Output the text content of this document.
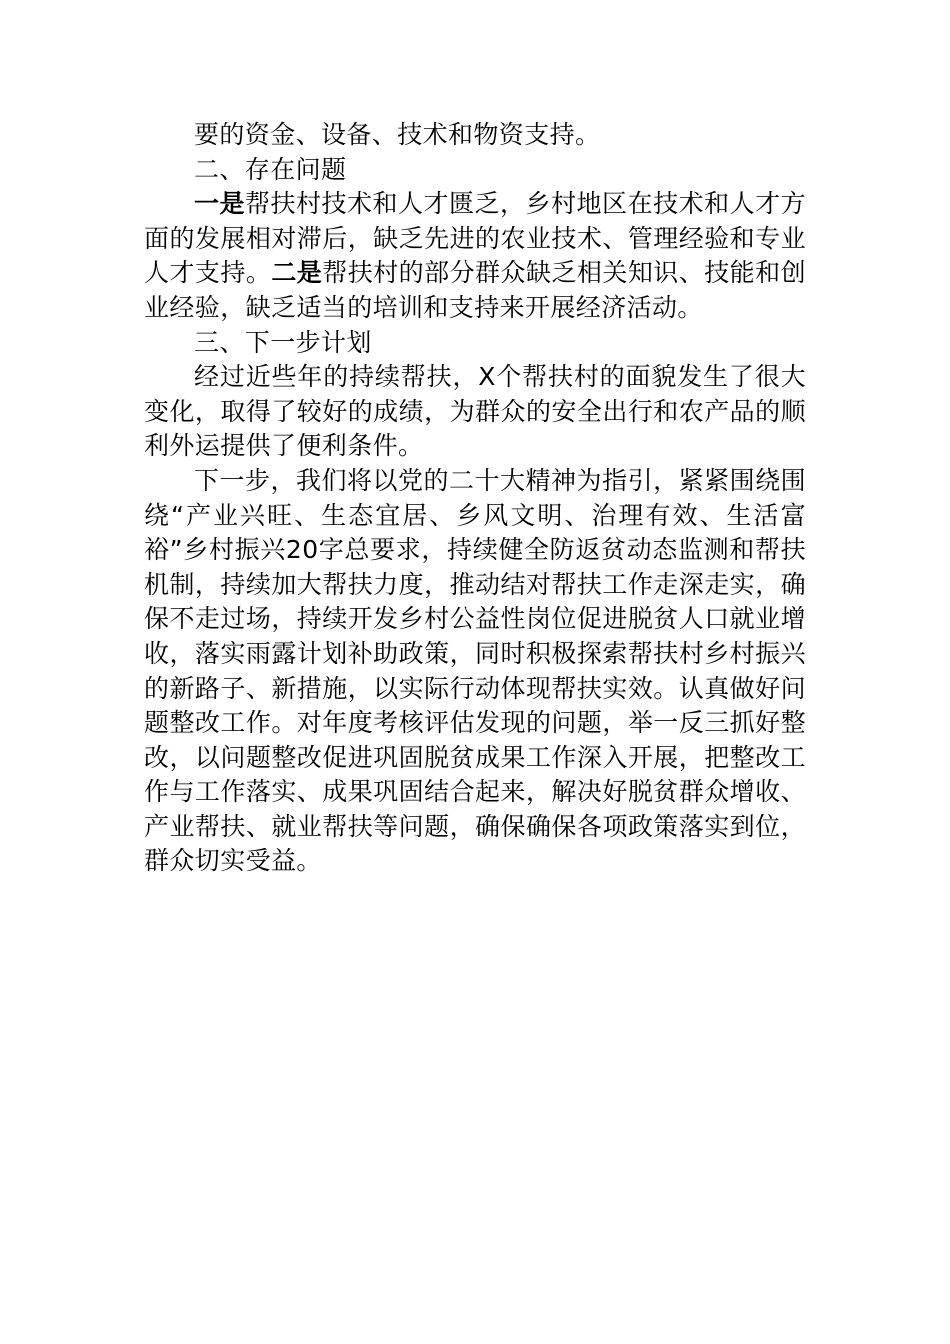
要的资金、设备、技术和物资支持。

二、存在问题

一是帮扶村技术和人才匮乏，乡村地区在技术和人才方面的发展相对滞后，缺乏先进的农业技术、管理经验和专业人才支持。二是帮扶村的部分群众缺乏相关知识、技能和创业经验，缺乏适当的培训和支持来开展经济活动。

三、下一步计划

经过近些年的持续帮扶，X个帮扶村的面貌发生了很大变化，取得了较好的成绩，为群众的安全出行和农产品的顺利外运提供了便利条件。

下一步，我们将以党的二十大精神为指引，紧紧围绕围绕“产业兴旺、生态宜居、乡风文明、治理有效、生活富裕”乡村振兴20字总要求，持续健全防返贫动态监测和帮扶机制，持续加大帮扶力度，推动结对帮扶工作走深走实，确保不走过场，持续开发乡村公益性岗位促进脱贫人口就业增收，落实雨露计划补助政策，同时积极探索帮扶村乡村振兴的新路子、新措施，以实际行动体现帮扶实效。认真做好问题整改工作。对年度考核评估发现的问题，举一反三抓好整改，以问题整改促进巩固脱贫成果工作深入开展，把整改工作与工作落实、成果巩固结合起来，解决好脱贫群众增收、产业帮扶、就业帮扶等问题，确保确保各项政策落实到位，群众切实受益。
